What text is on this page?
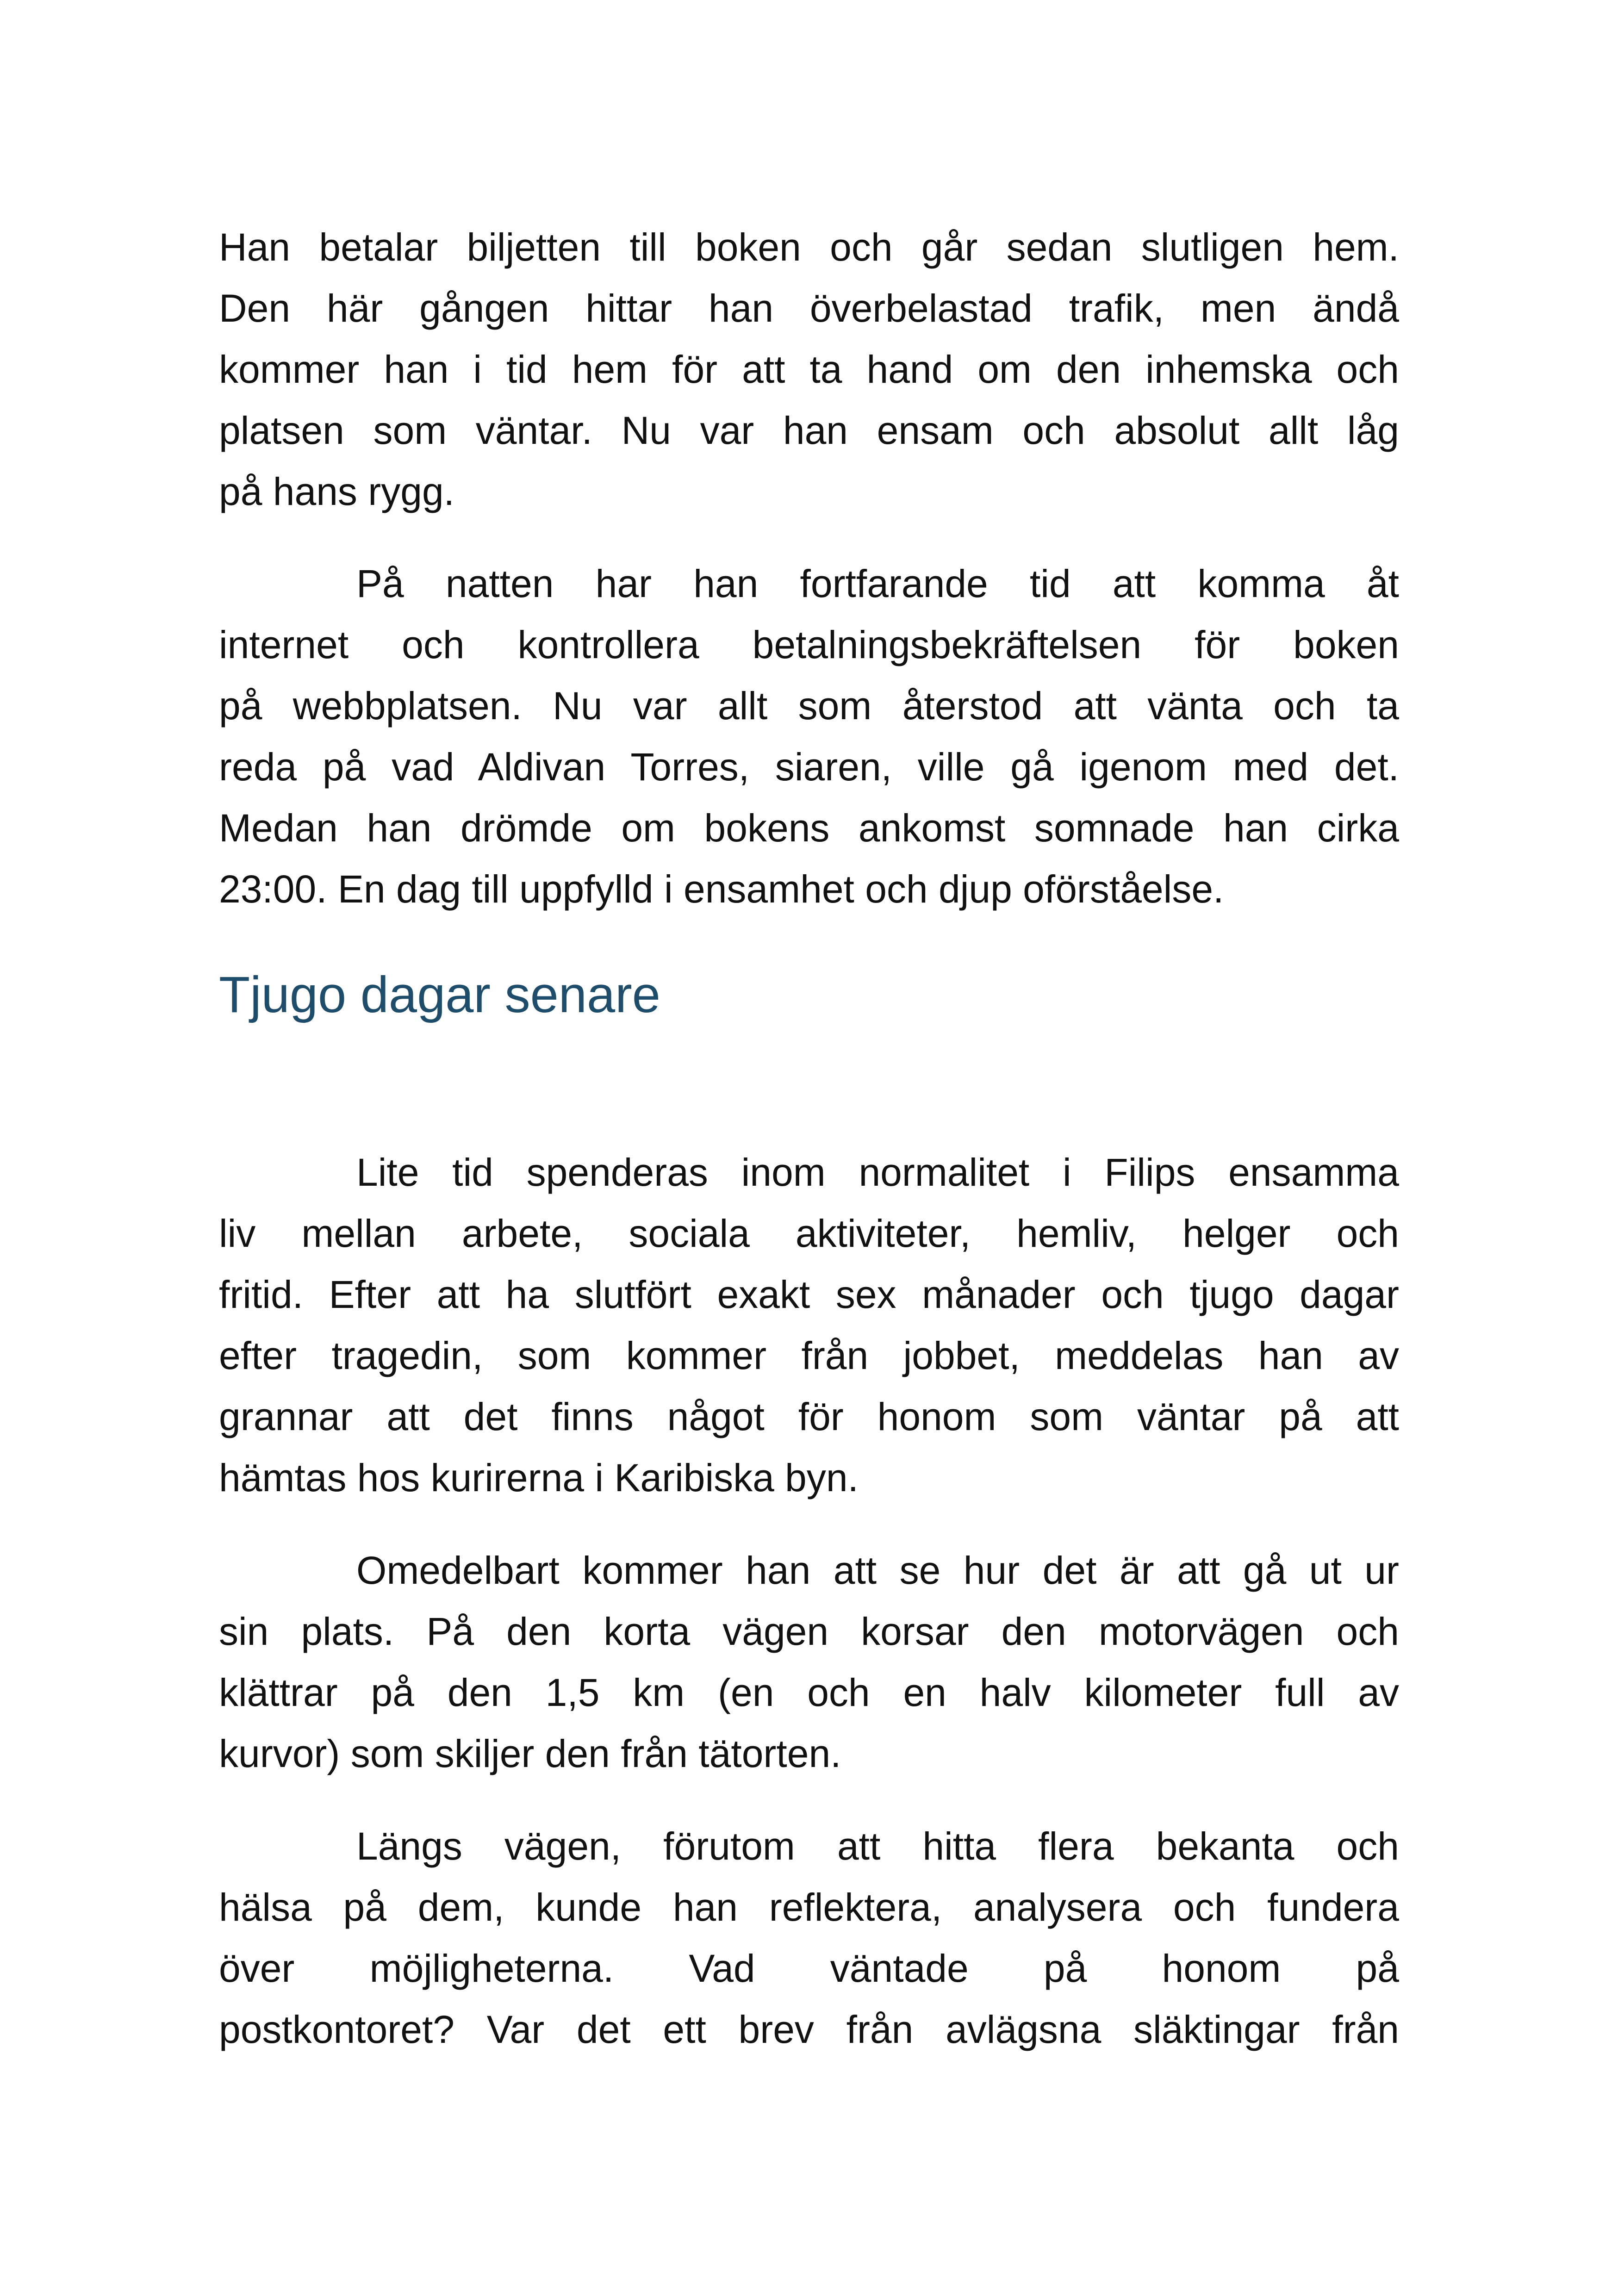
Han betalar biljetten till boken och går sedan slutligen hem.
Den här gången hittar han överbelastad trafik, men ändå
kommer han i tid hem för att ta hand om den inhemska och
platsen som väntar. Nu var han ensam och absolut allt låg
på hans rygg.
På natten har han fortfarande tid att komma åt
internet och kontrollera betalningsbekräftelsen för boken
på webbplatsen. Nu var allt som återstod att vänta och ta
reda på vad Aldivan Torres, siaren, ville gå igenom med det.
Medan han drömde om bokens ankomst somnade han cirka
23:00. En dag till uppfylld i ensamhet och djup oförståelse.
Tjugo dagar senare
Lite tid spenderas inom normalitet i Filips ensamma
liv mellan arbete, sociala aktiviteter, hemliv, helger och
fritid. Efter att ha slutfört exakt sex månader och tjugo dagar
efter tragedin, som kommer från jobbet, meddelas han av
grannar att det finns något för honom som väntar på att
hämtas hos kurirerna i Karibiska byn.
Omedelbart kommer han att se hur det är att gå ut ur
sin plats. På den korta vägen korsar den motorvägen och
klättrar på den 1,5 km (en och en halv kilometer full av
kurvor) som skiljer den från tätorten.
Längs vägen, förutom att hitta flera bekanta och
hälsa på dem, kunde han reflektera, analysera och fundera
över möjligheterna. Vad väntade på honom på
postkontoret? Var det ett brev från avlägsna släktingar från
